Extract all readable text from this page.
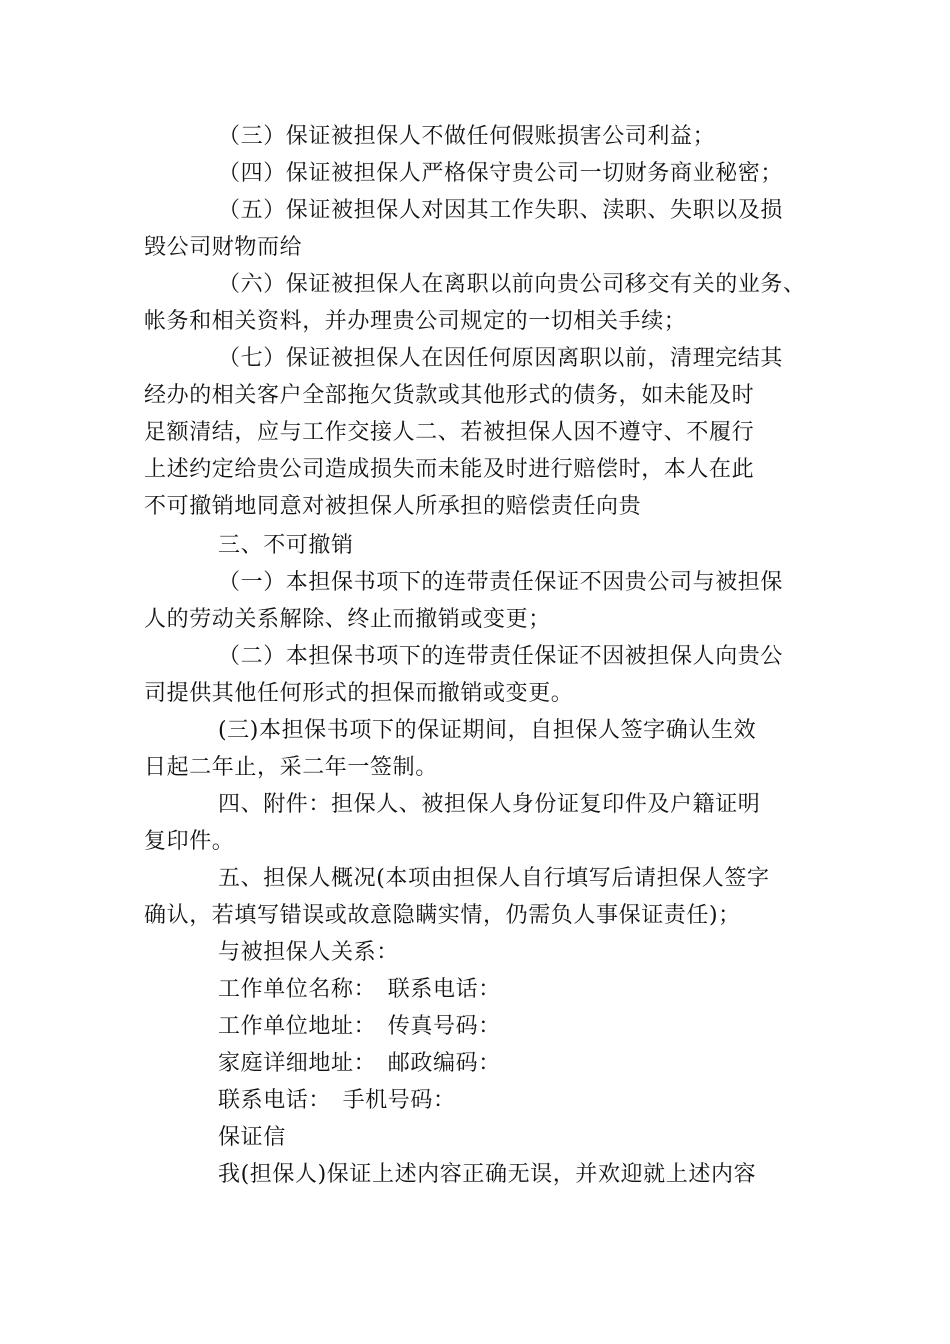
（三）保证被担保人不做任何假账损害公司利益；
（四）保证被担保人严格保守贵公司一切财务商业秘密；
（五）保证被担保人对因其工作失职、渎职、失职以及损
毁公司财物而给
（六）保证被担保人在离职以前向贵公司移交有关的业务、
帐务和相关资料，并办理贵公司规定的一切相关手续；
（七）保证被担保人在因任何原因离职以前，清理完结其
经办的相关客户全部拖欠货款或其他形式的债务，如未能及时
足额清结，应与工作交接人二、若被担保人因不遵守、不履行
上述约定给贵公司造成损失而未能及时进行赔偿时，本人在此
不可撤销地同意对被担保人所承担的赔偿责任向贵
三、不可撤销
（一）本担保书项下的连带责任保证不因贵公司与被担保
人的劳动关系解除、终止而撤销或变更；
（二）本担保书项下的连带责任保证不因被担保人向贵公
司提供其他任何形式的担保而撤销或变更。
(三)本担保书项下的保证期间，自担保人签字确认生效
日起二年止，采二年一签制。
四、附件：担保人、被担保人身份证复印件及户籍证明
复印件。
五、担保人概况(本项由担保人自行填写后请担保人签字
确认，若填写错误或故意隐瞒实情，仍需负人事保证责任)；
与被担保人关系：
工作单位名称：　联系电话：
工作单位地址：　传真号码：
家庭详细地址：　邮政编码：
联系电话：　手机号码：
保证信
我(担保人)保证上述内容正确无误，并欢迎就上述内容
